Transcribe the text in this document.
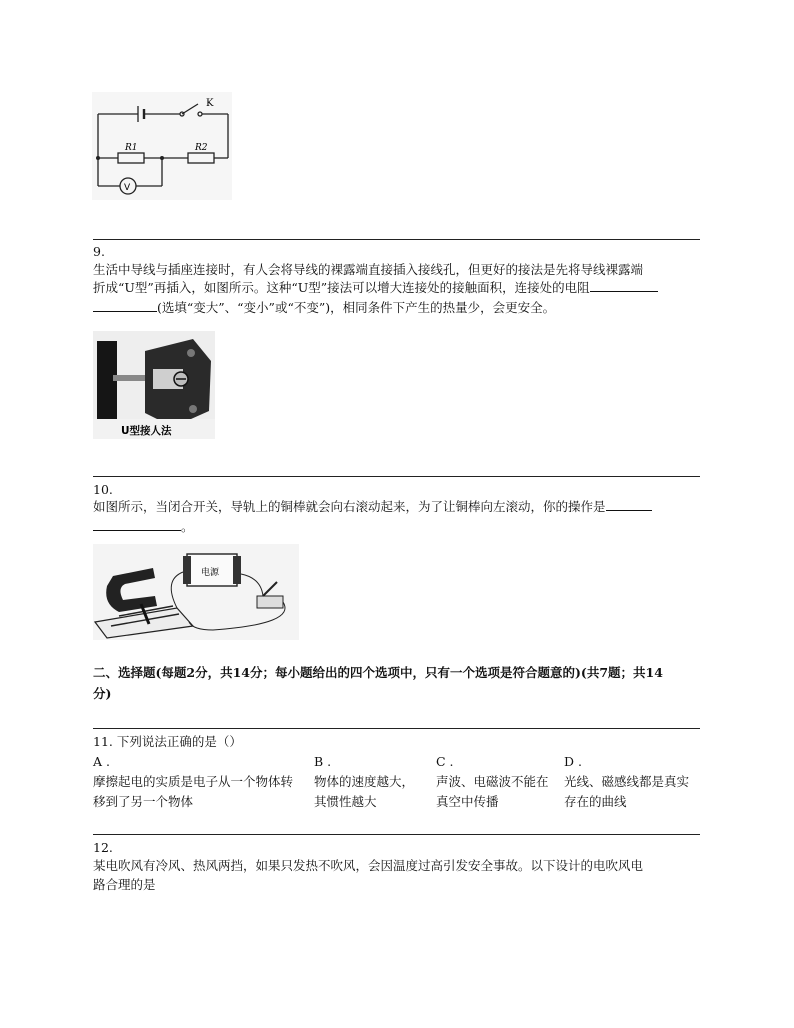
K
R1	R2
V
9.
生活中导线与插座连接时，有人会将导线的裸露端直接插入接线孔，但更好的接法是先将导线裸露端
折成“U型”再插入，如图所示。这种“U型”接法可以增大连接处的接触面积，连接处的电阻
(选填“变大”、“变小”或“不变”)，相同条件下产生的热量少，会更安全。
U型接人法
10.
如图所示，当闭合开关，导轨上的铜棒就会向右滚动起来，为了让铜棒向左滚动，你的操作是
。
电源
二、选择题(每题2分，共14分；每小题给出的四个选项中，只有一个选项是符合题意的)(共7题；共14
分)
11. 下列说法正确的是（）
A .
摩擦起电的实质是电子从一个物体转
移到了另一个物体
B .
物体的速度越大，
其惯性越大
C .
声波、电磁波不能在
真空中传播
D .
光线、磁感线都是真实
存在的曲线
12.
某电吹风有冷风、热风两挡，如果只发热不吹风，会因温度过高引发安全事故。以下设计的电吹风电
路合理的是
